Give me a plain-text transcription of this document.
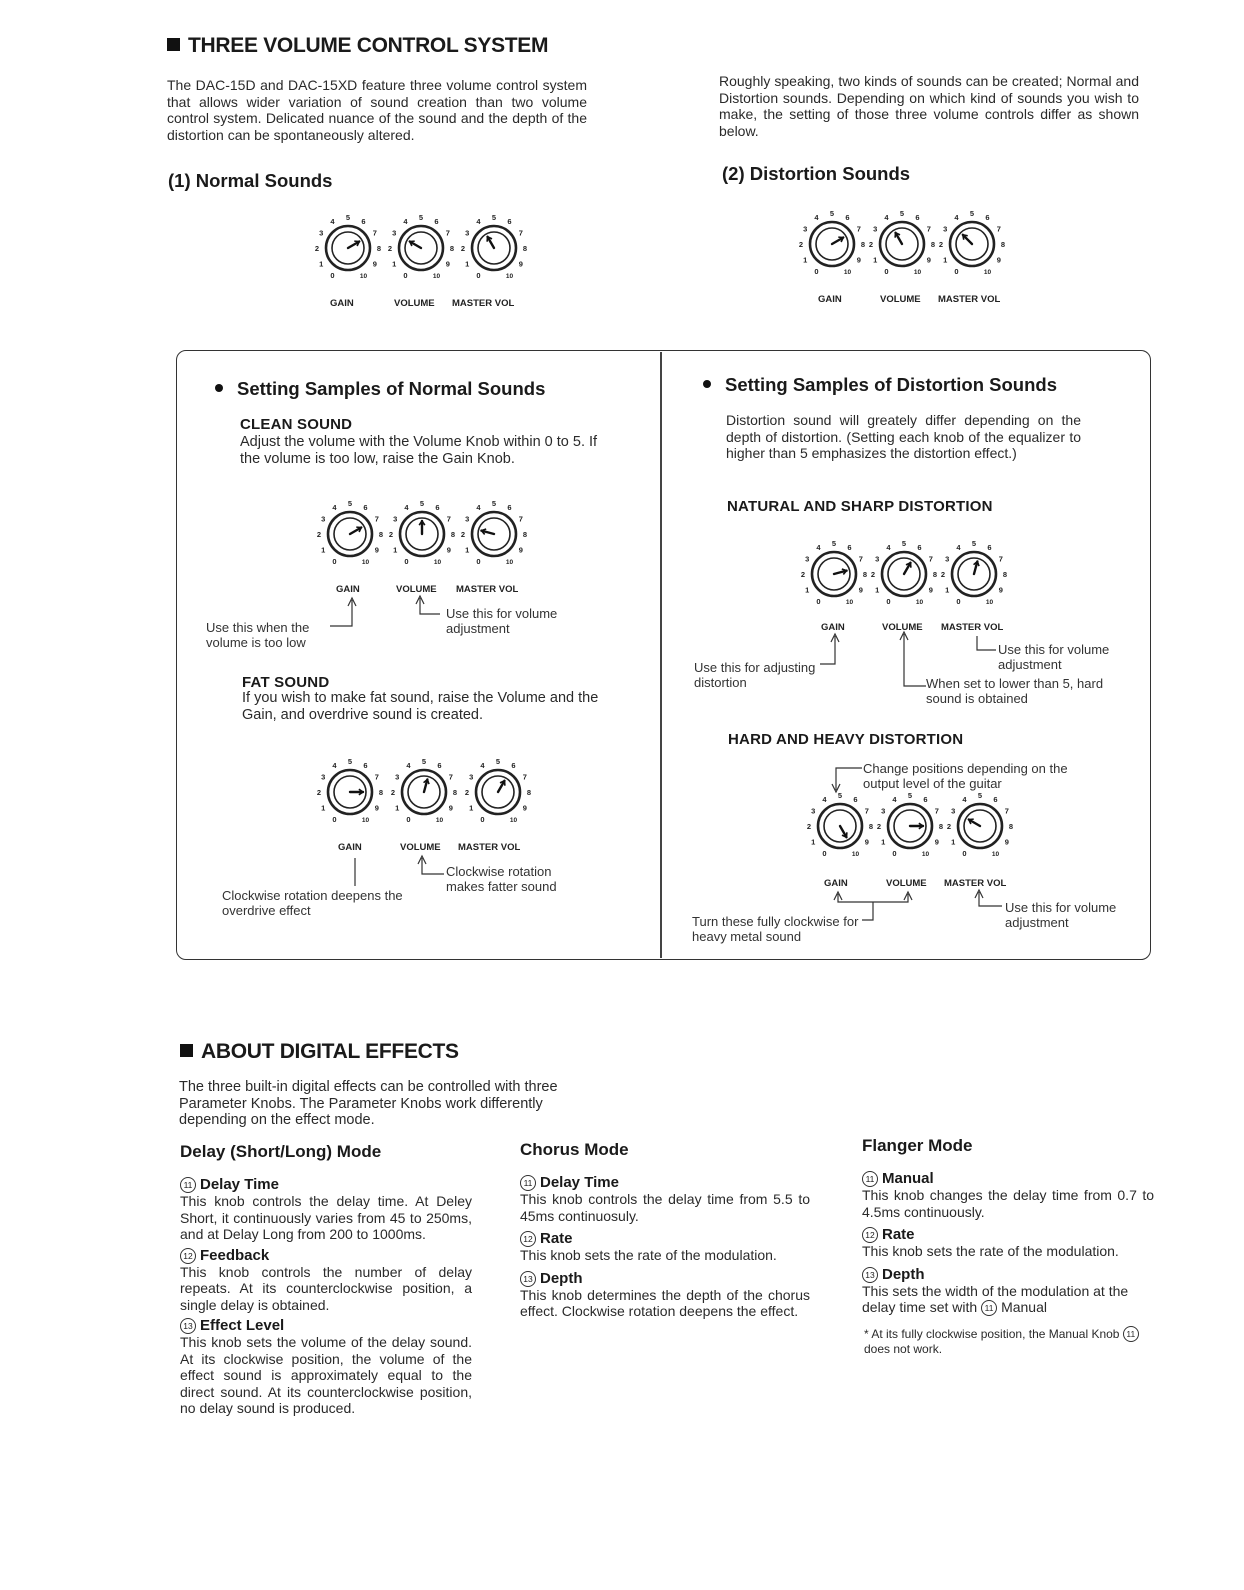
THREE VOLUME CONTROL SYSTEM
The DAC-15D and DAC-15XD feature three volume control system that allows wider variation of sound creation than two volume control system. Delicated nuance of the sound and the depth of the distortion can be spontaneously altered.
Roughly speaking, two kinds of sounds can be created; Normal and Distortion sounds. Depending on which kind of sounds you wish to make, the setting of those three volume controls differ as shown below.
(1) Normal Sounds	(2) Distortion Sounds
0
1
2
3
4 5 6
7
8
9
10	0
1
2
3
4 5 6
7
8
9
10	0
1
2
3
4 5 6
7
8
9
10
GAIN	VOLUME MASTER VOL
0
1
2
3
4 5 6
7
8
9
10	0
1
2
3
4 5 6
7
8
9
10	0
1
2
3
4 5 6
7
8
9
10
GAIN	VOLUME MASTER VOL
Setting Samples of Normal Sounds
CLEAN SOUND
Adjust the volume with the Volume Knob within 0 to 5. If the volume is too low, raise the Gain Knob.
0
1
2
3
4 5 6
7
8
9
10	0
1
2
3
4 5 6
7
8
9
10	0
1
2
3
4 5 6
7
8
9
10
GAIN	VOLUME MASTER VOL
Use this when the volume is too low
Use this for volume adjustment
FAT SOUND
If you wish to make fat sound, raise the Volume and the Gain, and overdrive sound is created.
0
1
2
3
4 5 6
7
8
9
10	0
1
2
3
4 5 6
7
8
9
10	0
1
2
3
4 5 6
7
8
9
10
GAIN	VOLUME MASTER VOL
Clockwise rotation deepens the overdrive effect
Clockwise rotation makes fatter sound
Setting Samples of Distortion Sounds
Distortion sound will greately differ depending on the depth of distortion. (Setting each knob of the equalizer to higher than 5 emphasizes the distortion effect.)
NATURAL AND SHARP DISTORTION
0
1
2
3
4 5 6
7
8
9
10	0
1
2
3
4 5 6
7
8
9
10	0
1
2
3
4 5 6
7
8
9
10
GAIN	VOLUME MASTER VOL
Use this for adjusting distortion
Use this for volume adjustment
When set to lower than 5, hard sound is obtained
HARD AND HEAVY DISTORTION
Change positions depending on the output level of the guitar
0
1
2
3
4 5 6
7
8
9
10	0
1
2
3
4 5 6
7
8
9
10	0
1
2
3
4 5 6
7
8
9
10
GAIN	VOLUME MASTER VOL
Turn these fully clockwise for heavy metal sound
Use this for volume adjustment
ABOUT DIGITAL EFFECTS
The three built-in digital effects can be controlled with three Parameter Knobs. The Parameter Knobs work differently depending on the effect mode.
Delay (Short/Long) Mode
11 Delay Time
This knob controls the delay time. At Deley Short, it continuously varies from 45 to 250ms, and at Delay Long from 200 to 1000ms.
12 Feedback
This knob controls the number of delay repeats. At its counterclockwise position, a single delay is obtained.
13 Effect Level
This knob sets the volume of the delay sound. At its clockwise position, the volume of the effect sound is approximately equal to the direct sound. At its counterclockwise position, no delay sound is produced.
Chorus Mode
11 Delay Time
This knob controls the delay time from 5.5 to 45ms continuosuly.
12 Rate
This knob sets the rate of the modulation.
13 Depth
This knob determines the depth of the chorus effect. Clockwise rotation deepens the effect.
Flanger Mode
11 Manual
This knob changes the delay time from 0.7 to 4.5ms continuously.
12 Rate
This knob sets the rate of the modulation.
13 Depth
This sets the width of the modulation at the delay time set with 11 Manual
* At its fully clockwise position, the Manual Knob 11does not work.
